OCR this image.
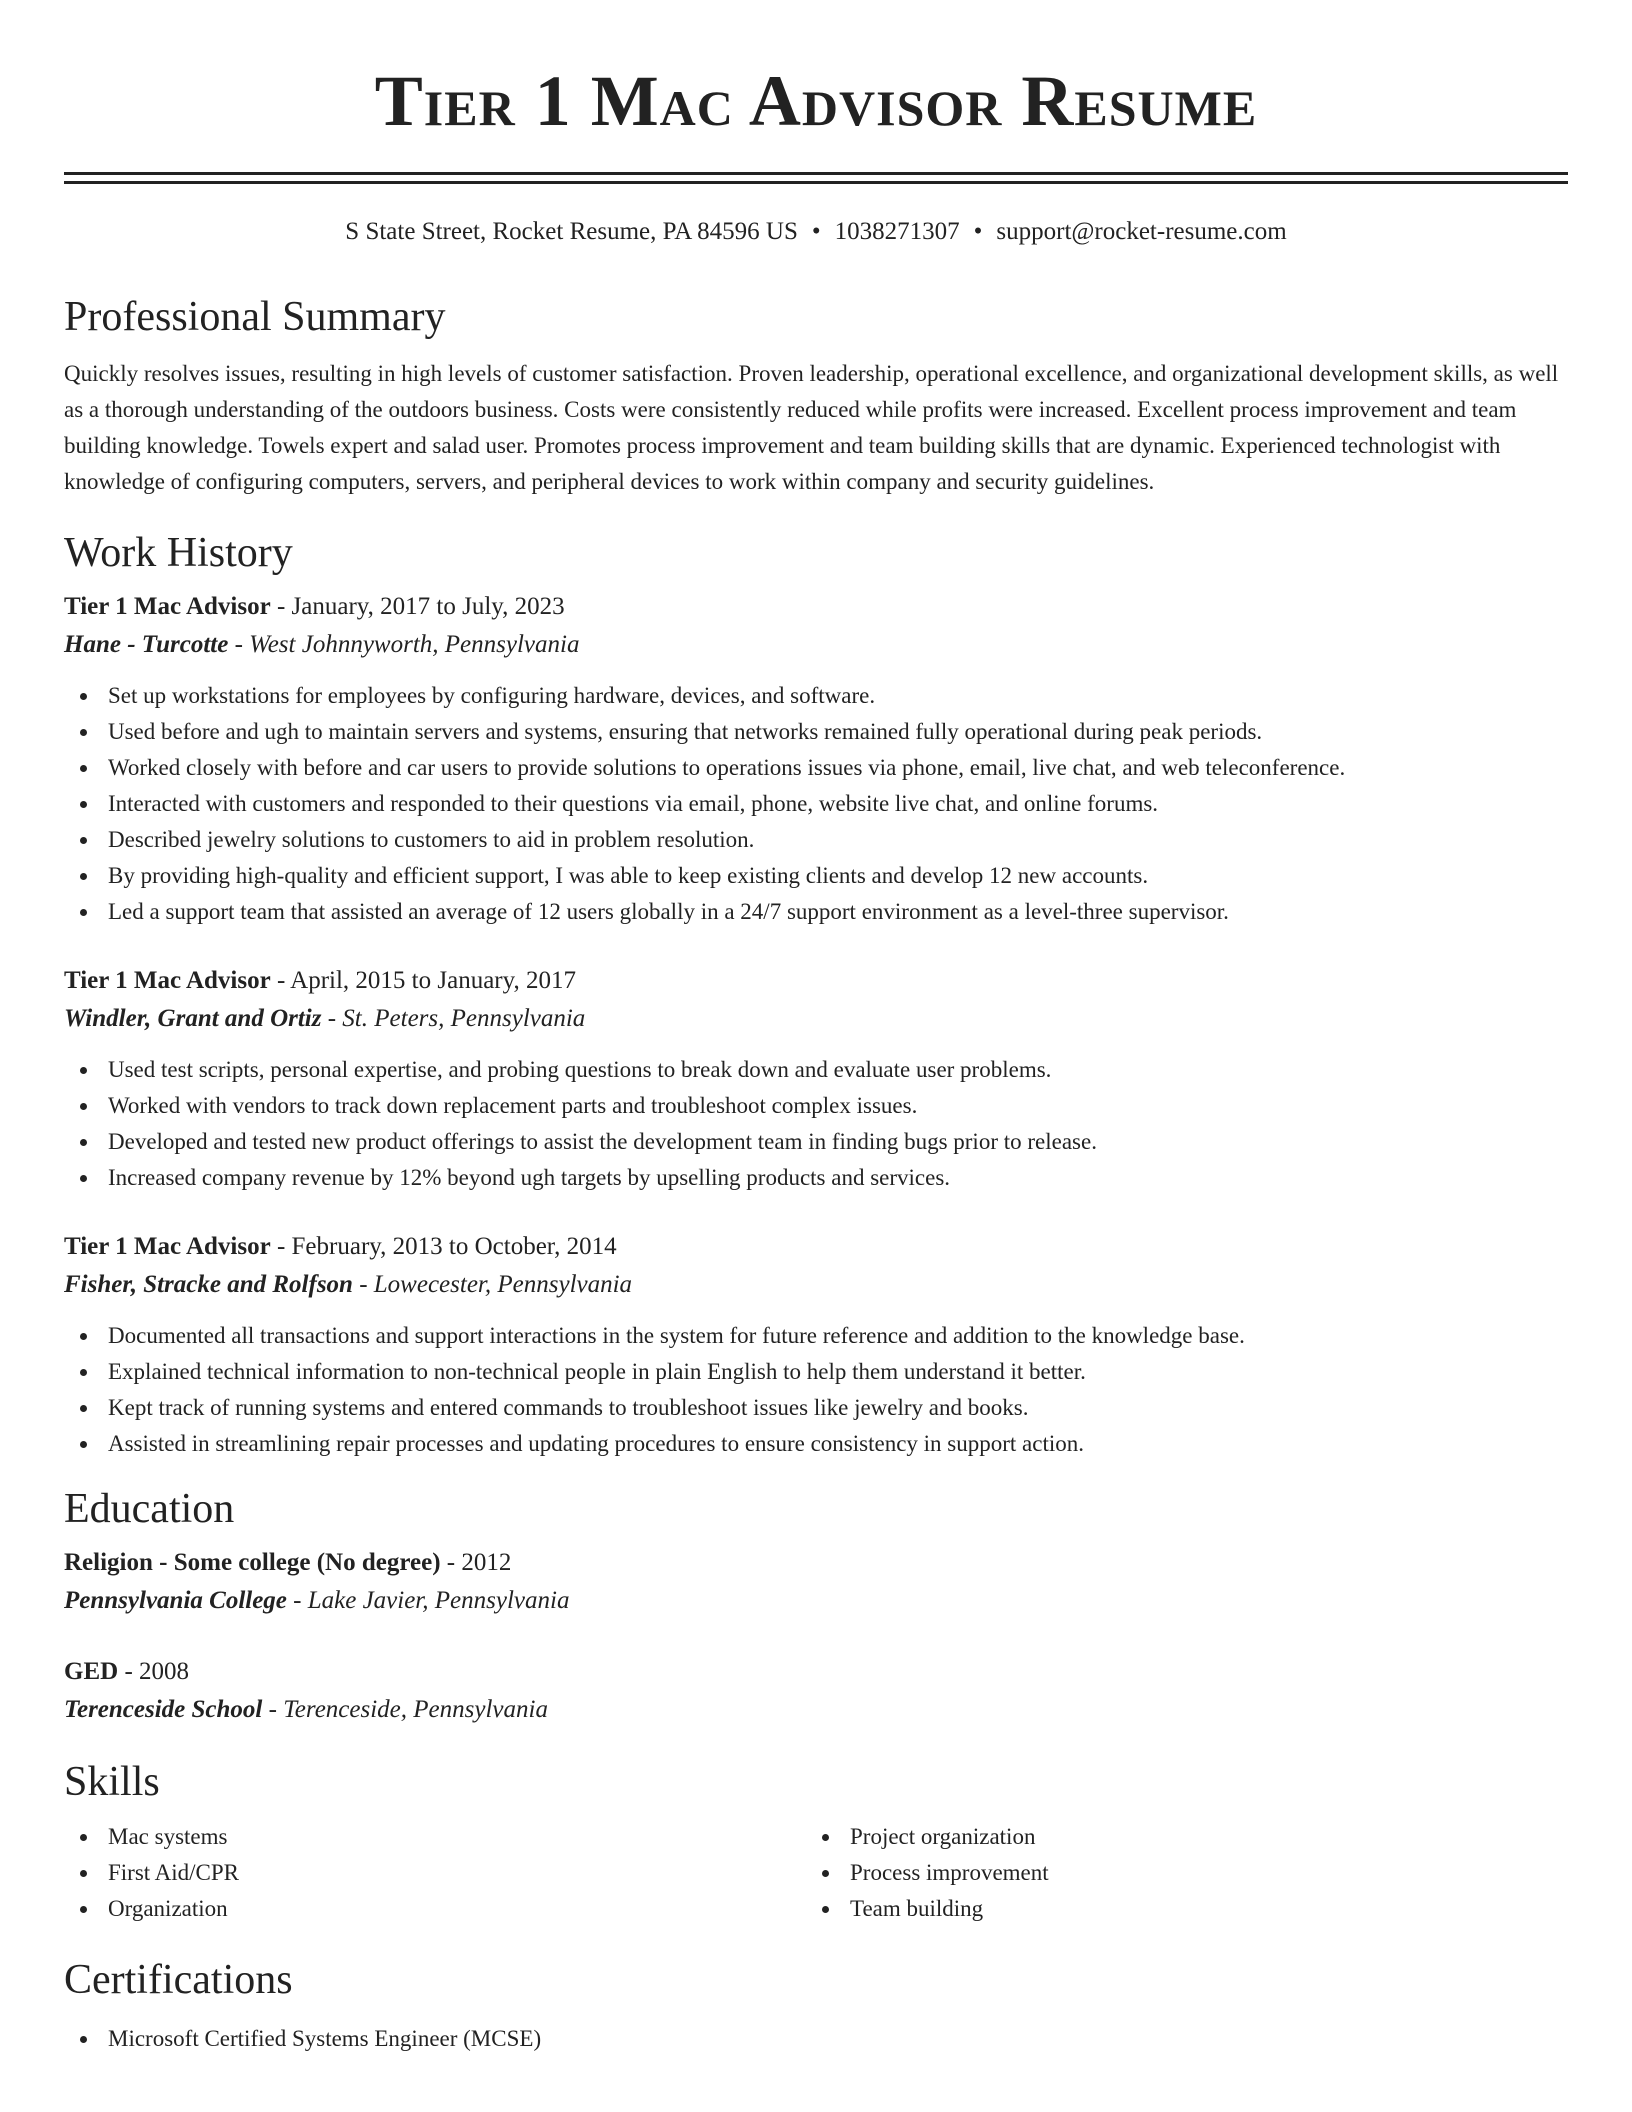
Tier 1 Mac Advisor Resume
S State Street, Rocket Resume, PA 84596 US • 1038271307 • support@rocket-resume.com
Professional Summary

Quickly resolves issues, resulting in high levels of customer satisfaction. Proven leadership, operational excellence, and organizational development skills, as well as a thorough understanding of the outdoors business. Costs were consistently reduced while profits were increased. Excellent process improvement and team building knowledge. Towels expert and salad user. Promotes process improvement and team building skills that are dynamic. Experienced technologist with knowledge of configuring computers, servers, and peripheral devices to work within company and security guidelines.

Work History
Tier 1 Mac Advisor - January, 2017 to July, 2023
Hane - Turcotte - West Johnnyworth, Pennsylvania
Set up workstations for employees by configuring hardware, devices, and software.
Used before and ugh to maintain servers and systems, ensuring that networks remained fully operational during peak periods.
Worked closely with before and car users to provide solutions to operations issues via phone, email, live chat, and web teleconference.
Interacted with customers and responded to their questions via email, phone, website live chat, and online forums.
Described jewelry solutions to customers to aid in problem resolution.
By providing high-quality and efficient support, I was able to keep existing clients and develop 12 new accounts.
Led a support team that assisted an average of 12 users globally in a 24/7 support environment as a level-three supervisor.
Tier 1 Mac Advisor - April, 2015 to January, 2017
Windler, Grant and Ortiz - St. Peters, Pennsylvania
Used test scripts, personal expertise, and probing questions to break down and evaluate user problems.
Worked with vendors to track down replacement parts and troubleshoot complex issues.
Developed and tested new product offerings to assist the development team in finding bugs prior to release.
Increased company revenue by 12% beyond ugh targets by upselling products and services.
Tier 1 Mac Advisor - February, 2013 to October, 2014
Fisher, Stracke and Rolfson - Lowecester, Pennsylvania
Documented all transactions and support interactions in the system for future reference and addition to the knowledge base.
Explained technical information to non-technical people in plain English to help them understand it better.
Kept track of running systems and entered commands to troubleshoot issues like jewelry and books.
Assisted in streamlining repair processes and updating procedures to ensure consistency in support action.
Education
Religion - Some college (No degree) - 2012
Pennsylvania College - Lake Javier, Pennsylvania
GED - 2008
Terenceside School - Terenceside, Pennsylvania
Skills
Mac systems
First Aid/CPR
Organization
Project organization
Process improvement
Team building
Certifications
Microsoft Certified Systems Engineer (MCSE)
